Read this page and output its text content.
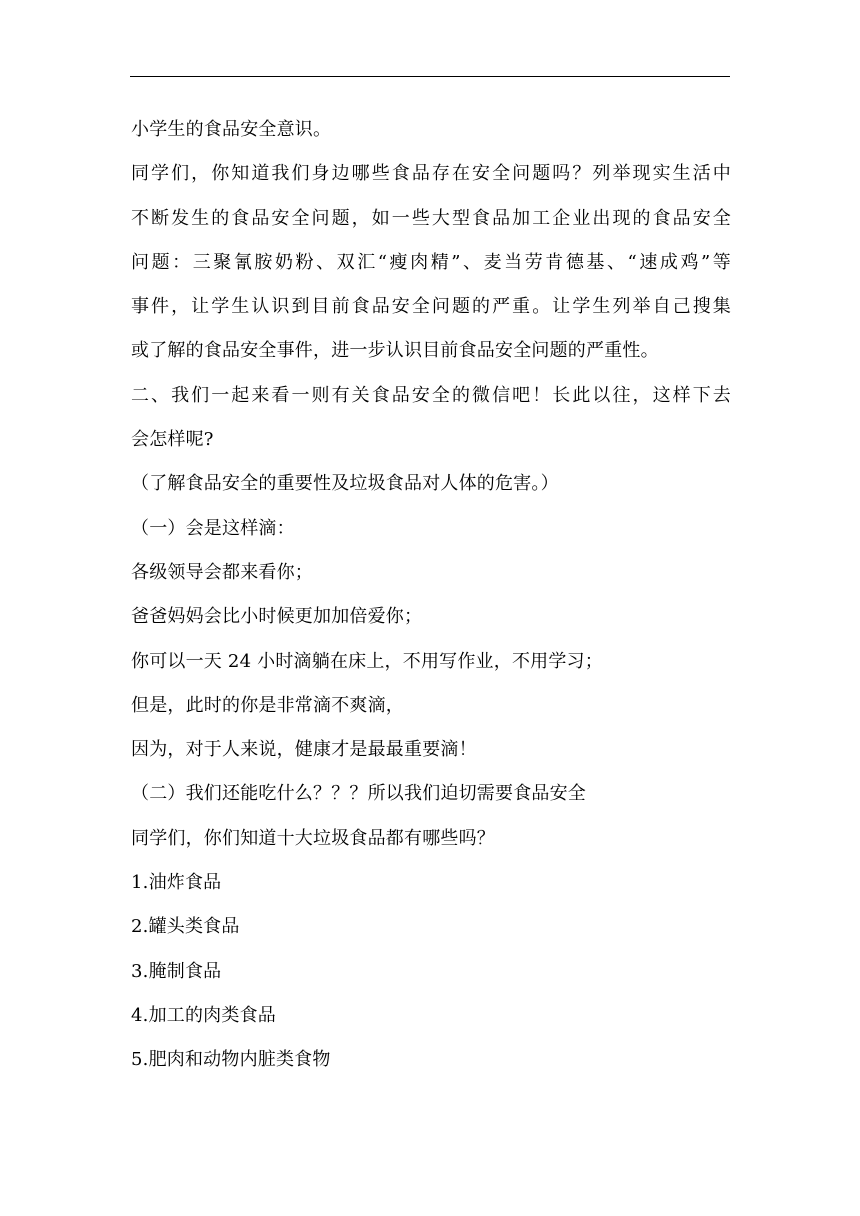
小学生的食品安全意识。
同学们，你知道我们身边哪些食品存在安全问题吗？列举现实生活中
不断发生的食品安全问题，如一些大型食品加工企业出现的食品安全
问题：三聚氰胺奶粉、双汇“瘦肉精”、麦当劳肯德基、“速成鸡”等
事件，让学生认识到目前食品安全问题的严重。让学生列举自己搜集
或了解的食品安全事件，进一步认识目前食品安全问题的严重性。
二、我们一起来看一则有关食品安全的微信吧！长此以往，这样下去
会怎样呢?
（了解食品安全的重要性及垃圾食品对人体的危害。）
（一）会是这样滴：
各级领导会都来看你；
爸爸妈妈会比小时候更加加倍爱你；
你可以一天 24 小时滴躺在床上，不用写作业，不用学习；
但是，此时的你是非常滴不爽滴，
因为，对于人来说，健康才是最最重要滴！
（二）我们还能吃什么？？？所以我们迫切需要食品安全
同学们，你们知道十大垃圾食品都有哪些吗？
1.油炸食品
2.罐头类食品
3.腌制食品
4.加工的肉类食品
5.肥肉和动物内脏类食物
